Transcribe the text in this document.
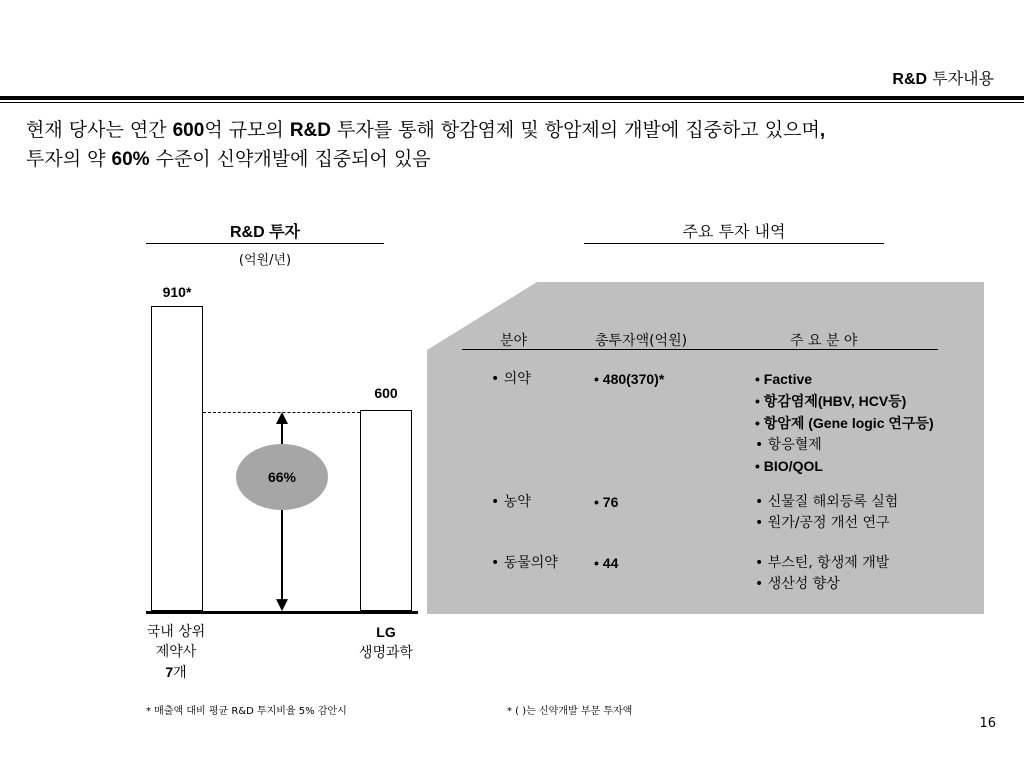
R&D 투자내용
현재 당사는 연간 600억 규모의 R&D 투자를 통해 항감염제 및 항암제의 개발에 집중하고 있으며,
투자의 약 60% 수준이 신약개발에 집중되어 있음
R&D 투자
(억원/년)
910*
600
66%
국내 상위
제약사
7개
LG
생명과학
주요 투자 내역
분야	총투자액(억원)	주 요 분 야
• 의약	• 480(370)*	• Factive
• 항감염제(HBV, HCV등)
• 항암제 (Gene logic 연구등)
• 항응혈제
• BIO/QOL
• 농약	• 76	• 신물질 해외등록 실험
• 원가/공정 개선 연구
• 동물의약	• 44	• 부스틴, 항생제 개발
• 생산성 향상
* 매출액 대비 평균 R&D 투지비율 5% 감안시	* ( )는 신약개발 부문 투자액
16
